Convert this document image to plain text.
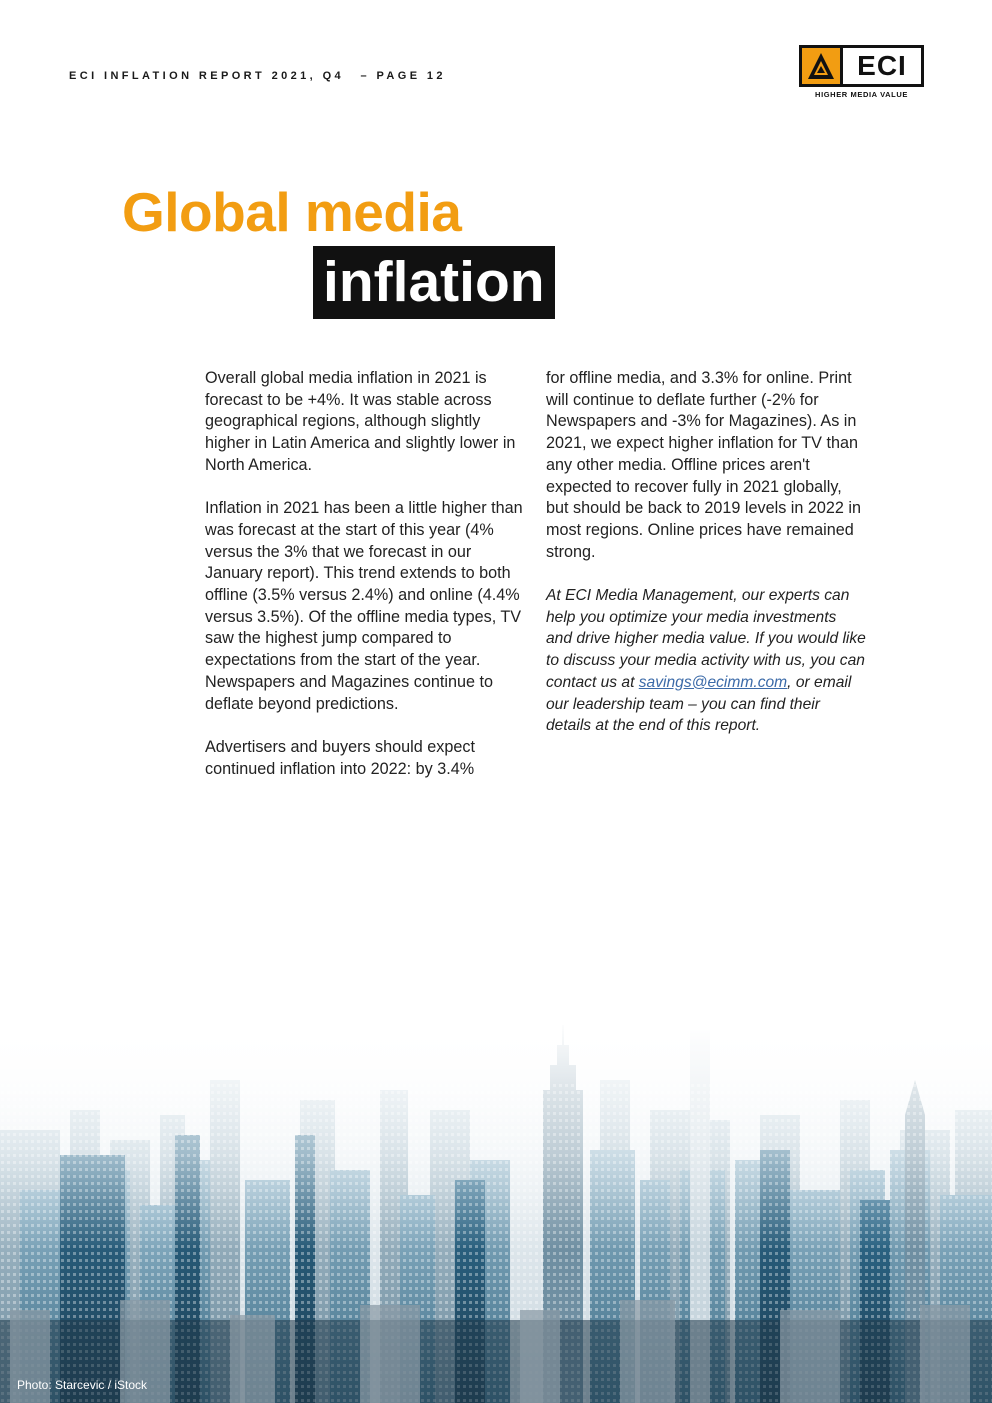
ECI INFLATION REPORT 2021, Q4 – PAGE 12	ECI
HIGHER MEDIA VALUE
Global media
inflation

Overall global media inflation in 2021 is forecast to be +4%. It was stable across geographical regions, although slightly higher in Latin America and slightly lower in North America.

Inflation in 2021 has been a little higher than was forecast at the start of this year (4% versus the 3% that we forecast in our January report). This trend extends to both offline (3.5% versus 2.4%) and online (4.4% versus 3.5%). Of the offline media types, TV saw the highest jump compared to expectations from the start of the year. Newspapers and Magazines continue to deflate beyond predictions.

Advertisers and buyers should expect continued inflation into 2022: by 3.4%

for offline media, and 3.3% for online. Print will continue to deflate further (-2% for Newspapers and -3% for Magazines). As in 2021, we expect higher inflation for TV than any other media. Offline prices aren't expected to recover fully in 2021 globally, but should be back to 2019 levels in 2022 in most regions. Online prices have remained strong.

At ECI Media Management, our experts can help you optimize your media investments and drive higher media value. If you would like to discuss your media activity with us, you can contact us at savings@ecimm.com, or email our leadership team – you can find their details at the end of this report.

Photo: Starcevic / iStock
